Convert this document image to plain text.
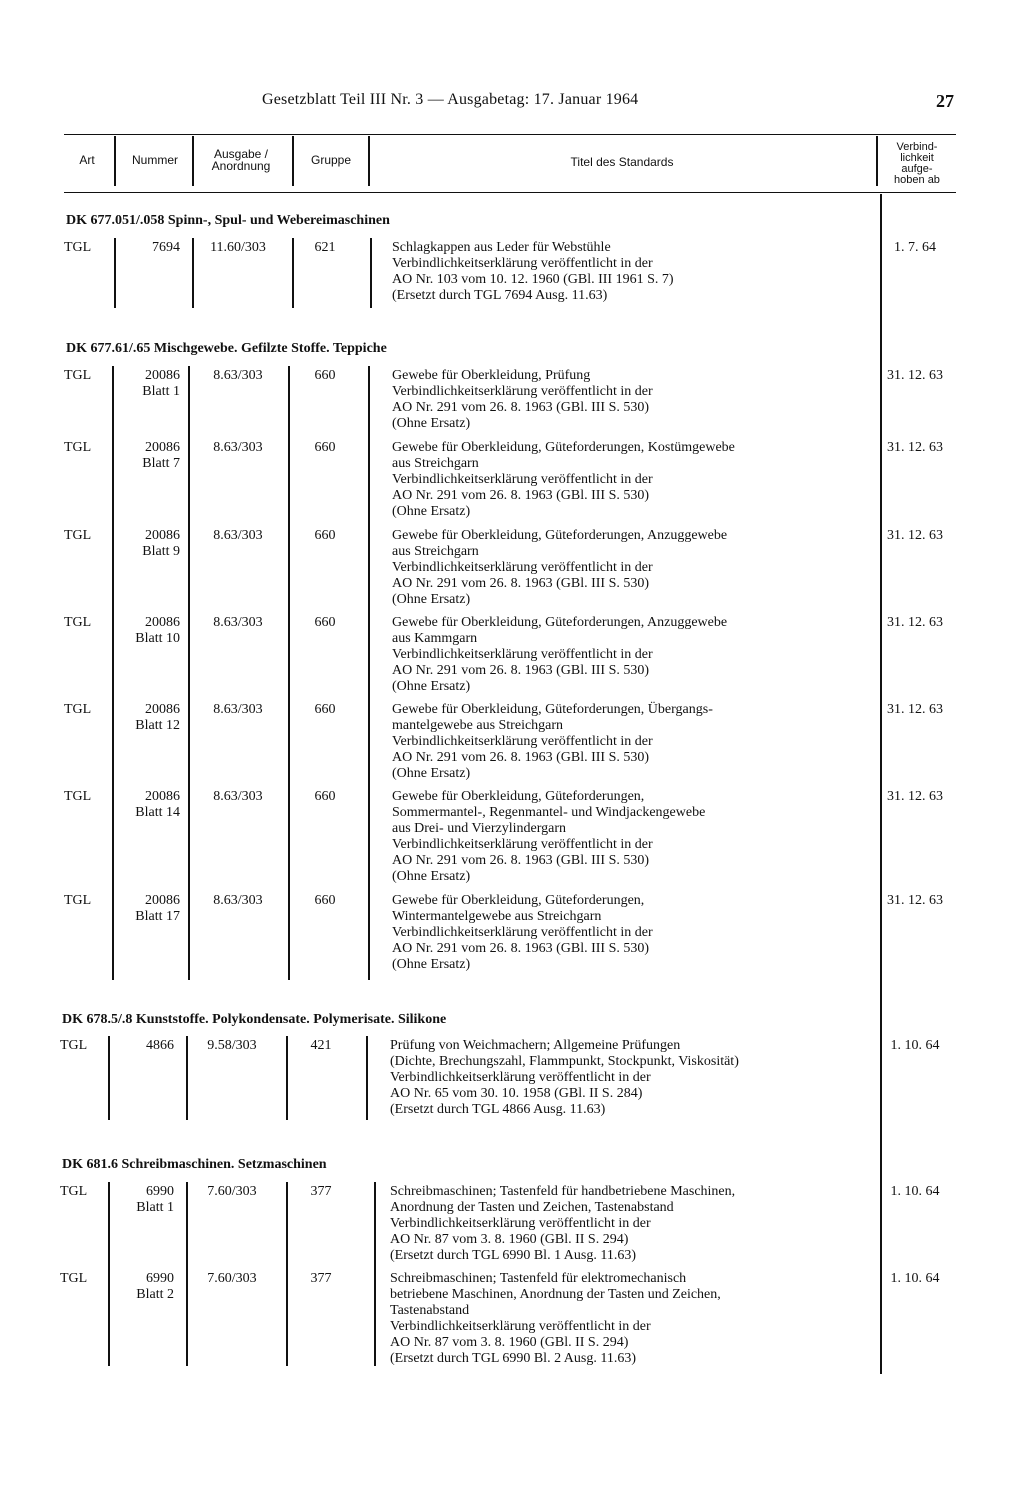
Gesetzblatt Teil III Nr. 3 — Ausgabetag: 17. Januar 1964	27
Art	Nummer	Ausgabe /
Anordnung	Gruppe	Titel des Standards
Verbind-
lichkeit
aufge-
hoben ab
DK 677.051/.058 Spinn-, Spul- und Webereimaschinen
TGL	7694	11.60/303	621	Schlagkappen aus Leder für Webstühle
Verbindlichkeitserklärung veröffentlicht in der
AO Nr. 103 vom 10. 12. 1960 (GBl. III 1961 S. 7)
(Ersetzt durch TGL 7694 Ausg. 11.63)
1. 7. 64
DK 677.61/.65 Mischgewebe. Gefilzte Stoffe. Teppiche
TGL	20086
Blatt 1
8.63/303	660	Gewebe für Oberkleidung, Prüfung
Verbindlichkeitserklärung veröffentlicht in der
AO Nr. 291 vom 26. 8. 1963 (GBl. III S. 530)
(Ohne Ersatz)
31. 12. 63
TGL	20086
Blatt 7
8.63/303	660	Gewebe für Oberkleidung, Güteforderungen, Kostümgewebe
aus Streichgarn
Verbindlichkeitserklärung veröffentlicht in der
AO Nr. 291 vom 26. 8. 1963 (GBl. III S. 530)
(Ohne Ersatz)
31. 12. 63
TGL	20086
Blatt 9
8.63/303	660	Gewebe für Oberkleidung, Güteforderungen, Anzuggewebe
aus Streichgarn
Verbindlichkeitserklärung veröffentlicht in der
AO Nr. 291 vom 26. 8. 1963 (GBl. III S. 530)
(Ohne Ersatz)
31. 12. 63
TGL	20086
Blatt 10
8.63/303	660	Gewebe für Oberkleidung, Güteforderungen, Anzuggewebe
aus Kammgarn
Verbindlichkeitserklärung veröffentlicht in der
AO Nr. 291 vom 26. 8. 1963 (GBl. III S. 530)
(Ohne Ersatz)
31. 12. 63
TGL	20086
Blatt 12
8.63/303	660	Gewebe für Oberkleidung, Güteforderungen, Übergangs-
mantelgewebe aus Streichgarn
Verbindlichkeitserklärung veröffentlicht in der
AO Nr. 291 vom 26. 8. 1963 (GBl. III S. 530)
(Ohne Ersatz)
31. 12. 63
TGL	20086
Blatt 14
8.63/303	660	Gewebe für Oberkleidung, Güteforderungen,
Sommermantel-, Regenmantel- und Windjackengewebe
aus Drei- und Vierzylindergarn
Verbindlichkeitserklärung veröffentlicht in der
AO Nr. 291 vom 26. 8. 1963 (GBl. III S. 530)
(Ohne Ersatz)
31. 12. 63
TGL	20086
Blatt 17
8.63/303	660	Gewebe für Oberkleidung, Güteforderungen,
Wintermantelgewebe aus Streichgarn
Verbindlichkeitserklärung veröffentlicht in der
AO Nr. 291 vom 26. 8. 1963 (GBl. III S. 530)
(Ohne Ersatz)
31. 12. 63
DK 678.5/.8 Kunststoffe. Polykondensate. Polymerisate. Silikone
TGL	4866	9.58/303	421	Prüfung von Weichmachern; Allgemeine Prüfungen
(Dichte, Brechungszahl, Flammpunkt, Stockpunkt, Viskosität)
Verbindlichkeitserklärung veröffentlicht in der
AO Nr. 65 vom 30. 10. 1958 (GBl. II S. 284)
(Ersetzt durch TGL 4866 Ausg. 11.63)
1. 10. 64
DK 681.6 Schreibmaschinen. Setzmaschinen
TGL	6990
Blatt 1
7.60/303	377	Schreibmaschinen; Tastenfeld für handbetriebene Maschinen,
Anordnung der Tasten und Zeichen, Tastenabstand
Verbindlichkeitserklärung veröffentlicht in der
AO Nr. 87 vom 3. 8. 1960 (GBl. II S. 294)
(Ersetzt durch TGL 6990 Bl. 1 Ausg. 11.63)
1. 10. 64
TGL	6990
Blatt 2
7.60/303	377	Schreibmaschinen; Tastenfeld für elektromechanisch
betriebene Maschinen, Anordnung der Tasten und Zeichen,
Tastenabstand
Verbindlichkeitserklärung veröffentlicht in der
AO Nr. 87 vom 3. 8. 1960 (GBl. II S. 294)
(Ersetzt durch TGL 6990 Bl. 2 Ausg. 11.63)
1. 10. 64
